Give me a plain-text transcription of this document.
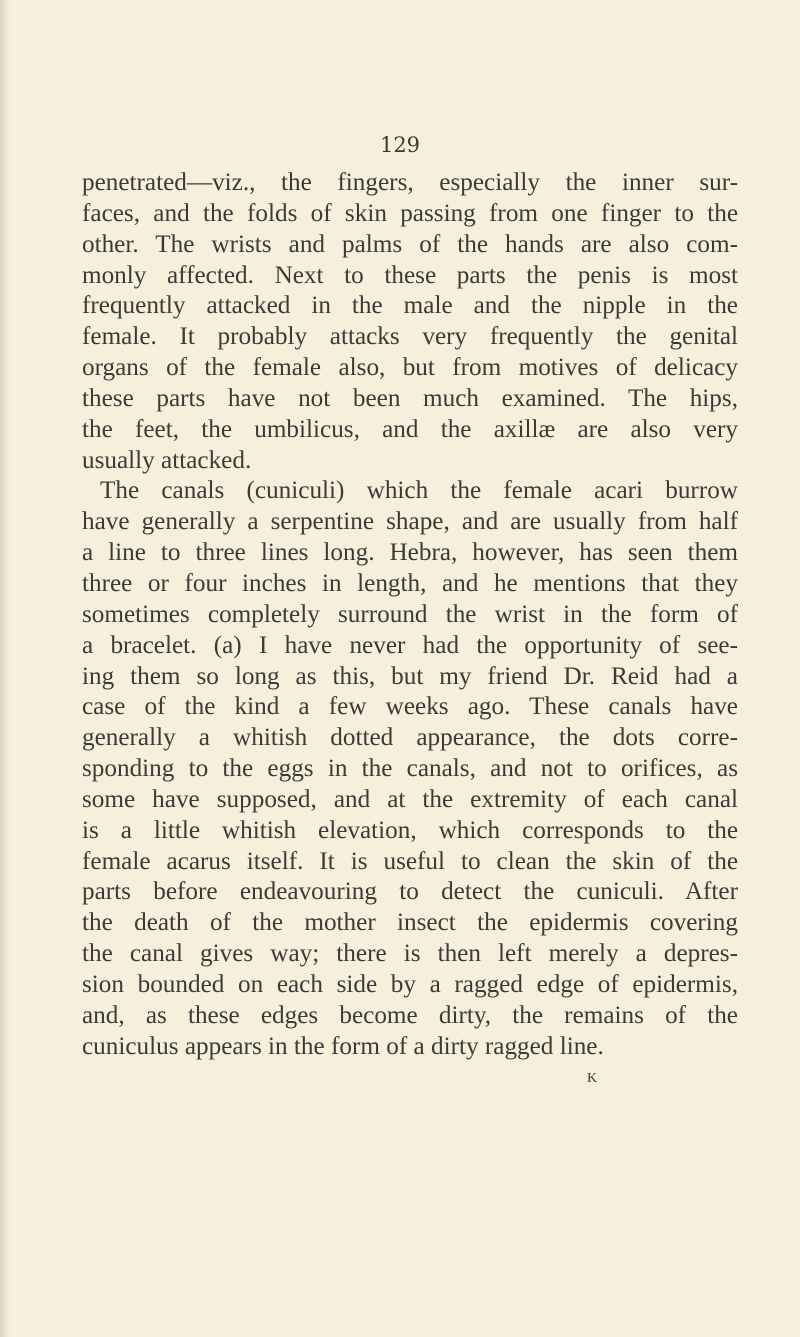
129
penetrated—viz., the fingers, especially the inner sur-
faces, and the folds of skin passing from one finger to the
other. The wrists and palms of the hands are also com-
monly affected. Next to these parts the penis is most
frequently attacked in the male and the nipple in the
female. It probably attacks very frequently the genital
organs of the female also, but from motives of delicacy
these parts have not been much examined. The hips,
the feet, the umbilicus, and the axillæ are also very
usually attacked.
The canals (cuniculi) which the female acari burrow
have generally a serpentine shape, and are usually from half
a line to three lines long. Hebra, however, has seen them
three or four inches in length, and he mentions that they
sometimes completely surround the wrist in the form of
a bracelet. (a) I have never had the opportunity of see-
ing them so long as this, but my friend Dr. Reid had a
case of the kind a few weeks ago. These canals have
generally a whitish dotted appearance, the dots corre-
sponding to the eggs in the canals, and not to orifices, as
some have supposed, and at the extremity of each canal
is a little whitish elevation, which corresponds to the
female acarus itself. It is useful to clean the skin of the
parts before endeavouring to detect the cuniculi. After
the death of the mother insect the epidermis covering
the canal gives way; there is then left merely a depres-
sion bounded on each side by a ragged edge of epidermis,
and, as these edges become dirty, the remains of the
cuniculus appears in the form of a dirty ragged line.
K
